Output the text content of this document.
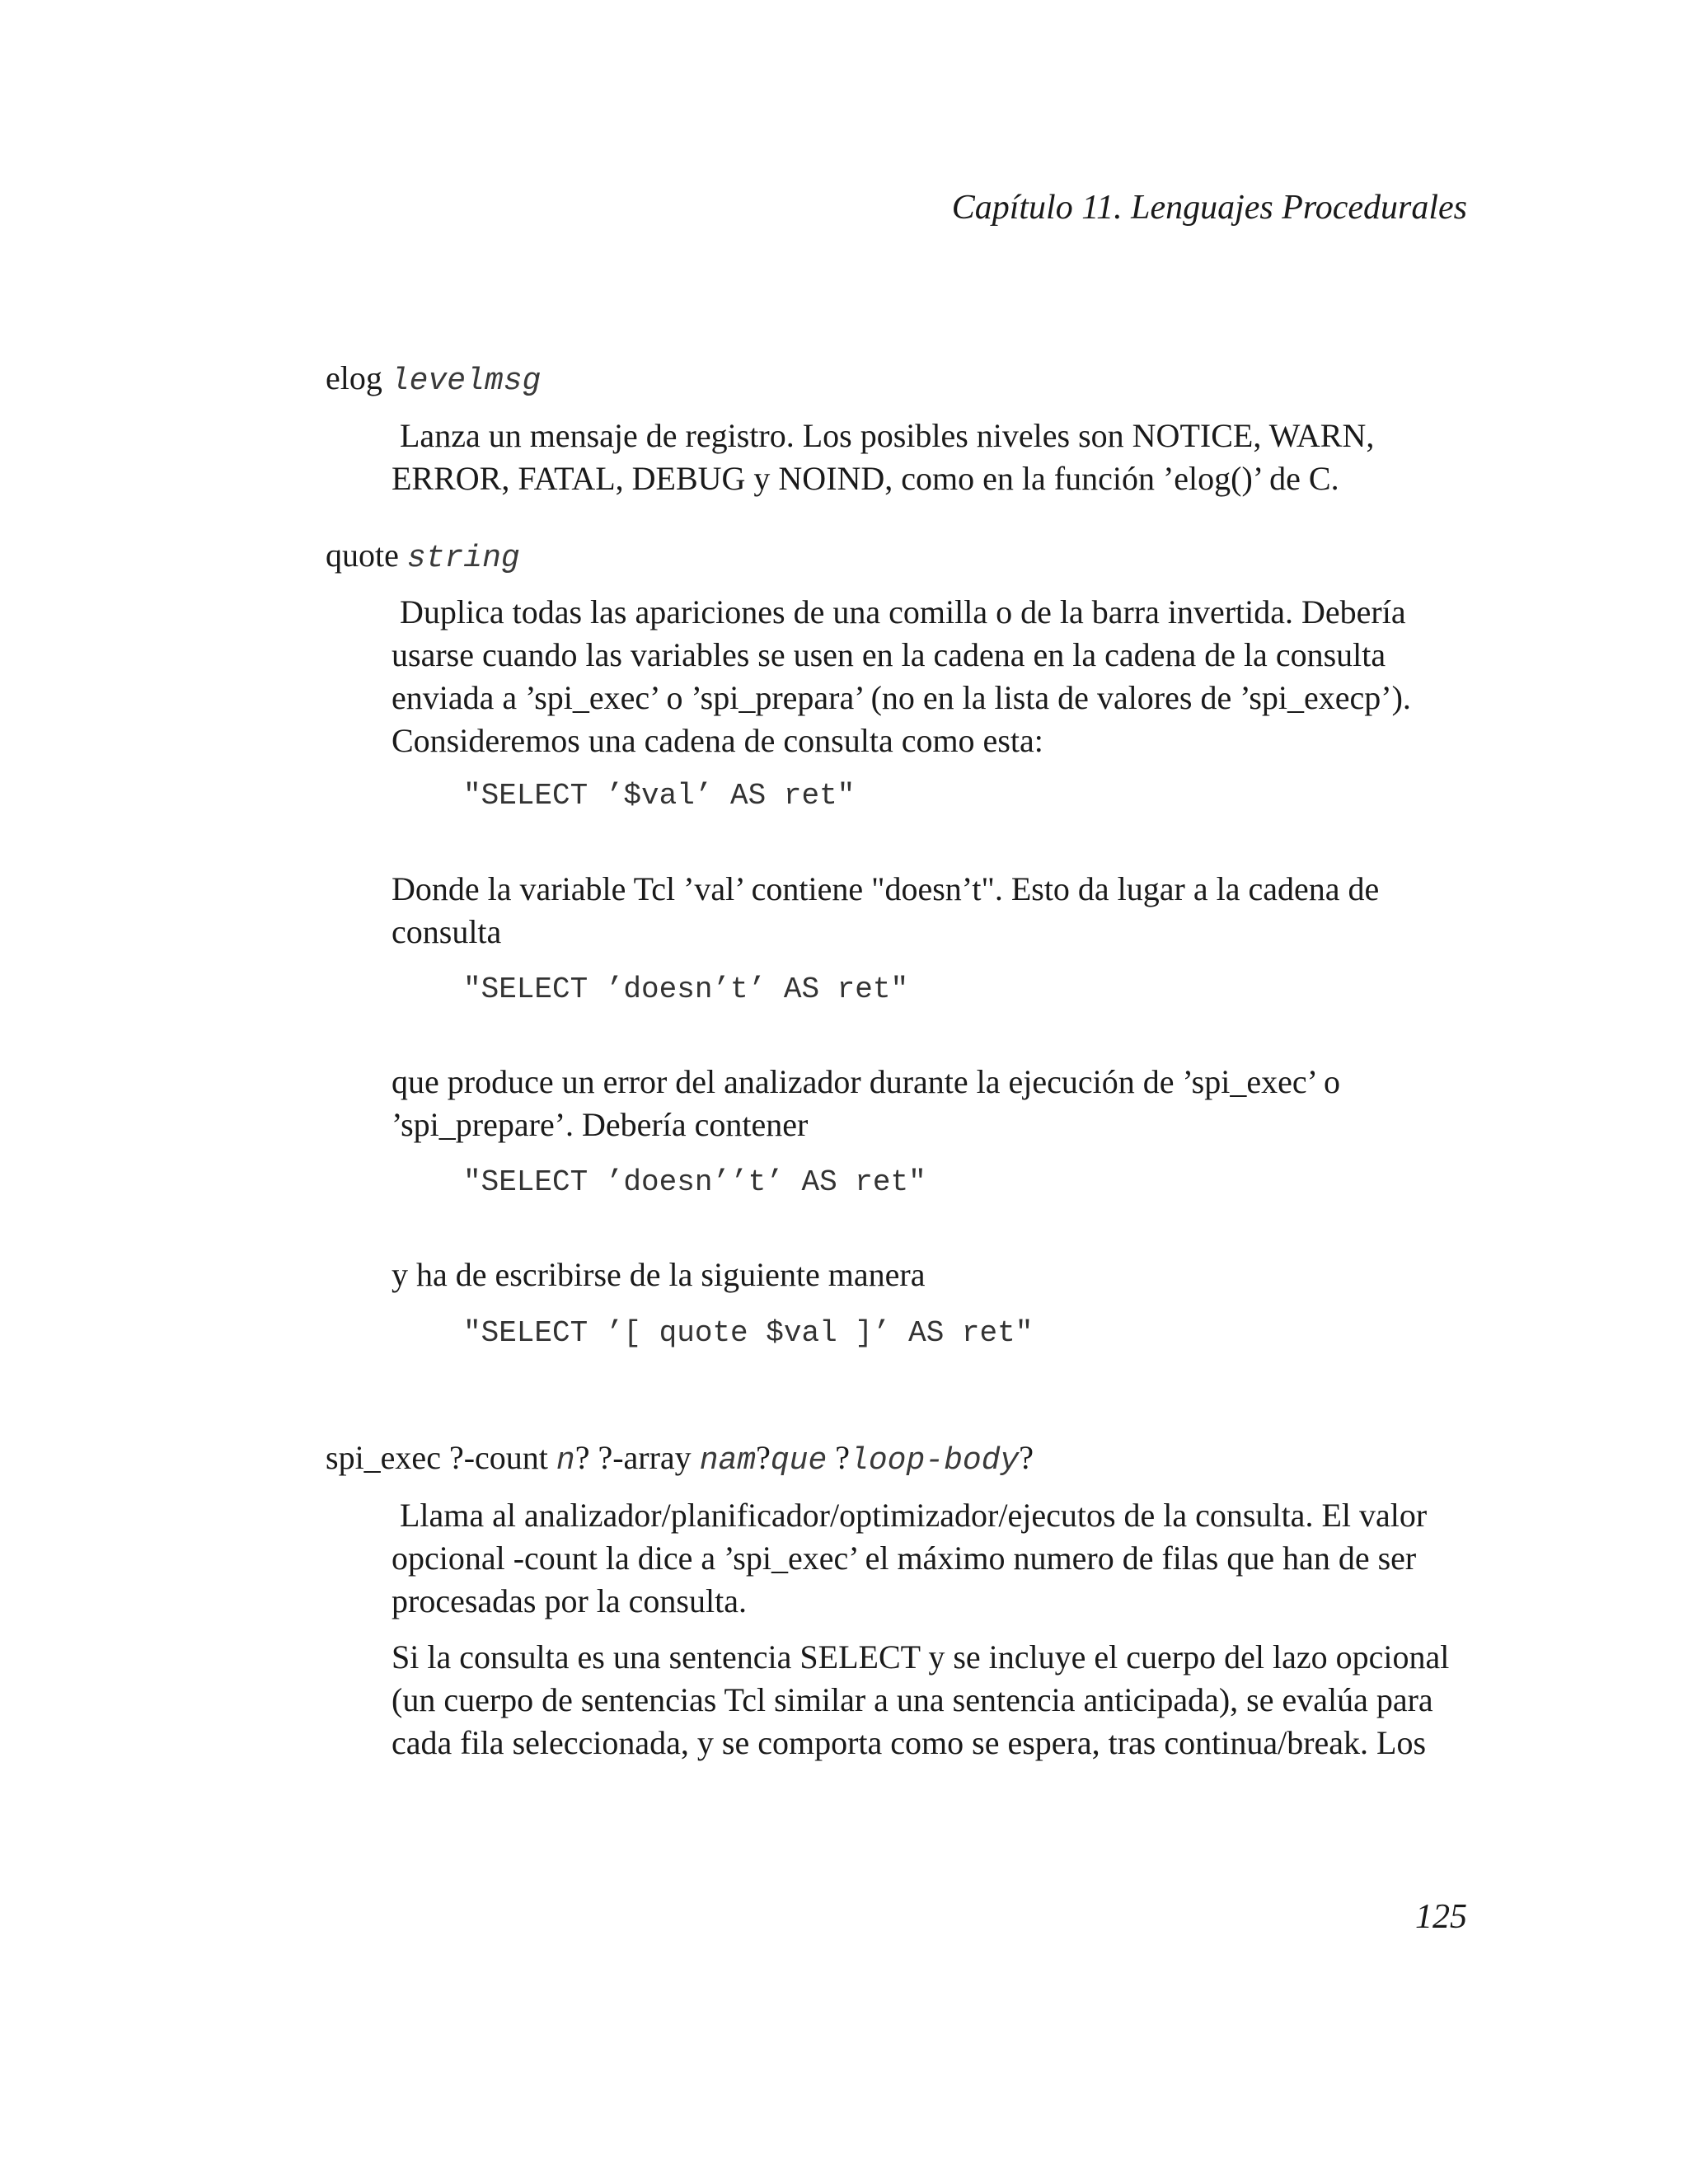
Capítulo 11. Lenguajes Procedurales
elog levelmsg
Lanza un mensaje de registro. Los posibles niveles son NOTICE, WARN, ERROR, FATAL, DEBUG y NOIND, como en la función ’elog()’ de C.
quote string
Duplica todas las apariciones de una comilla o de la barra invertida. Debería usarse cuando las variables se usen en la cadena en la cadena de la consulta enviada a ’spi_exec’ o ’spi_prepara’ (no en la lista de valores de ’spi_execp’). Consideremos una cadena de consulta como esta:
"SELECT ’$val’ AS ret"
Donde la variable Tcl ’val’ contiene "doesn’t". Esto da lugar a la cadena de consulta
"SELECT ’doesn’t’ AS ret"
que produce un error del analizador durante la ejecución de ’spi_exec’ o ’spi_prepare’. Debería contener
"SELECT ’doesn’’t’ AS ret"
y ha de escribirse de la siguiente manera
"SELECT ’[ quote $val ]’ AS ret"
spi_exec ?-count n? ?-array nam?que ?loop-body?
Llama al analizador/planificador/optimizador/ejecutos de la consulta. El valor opcional -count la dice a ’spi_exec’ el máximo numero de filas que han de ser procesadas por la consulta.
Si la consulta es una sentencia SELECT y se incluye el cuerpo del lazo opcional (un cuerpo de sentencias Tcl similar a una sentencia anticipada), se evalúa para cada fila seleccionada, y se comporta como se espera, tras continua/break. Los
125
